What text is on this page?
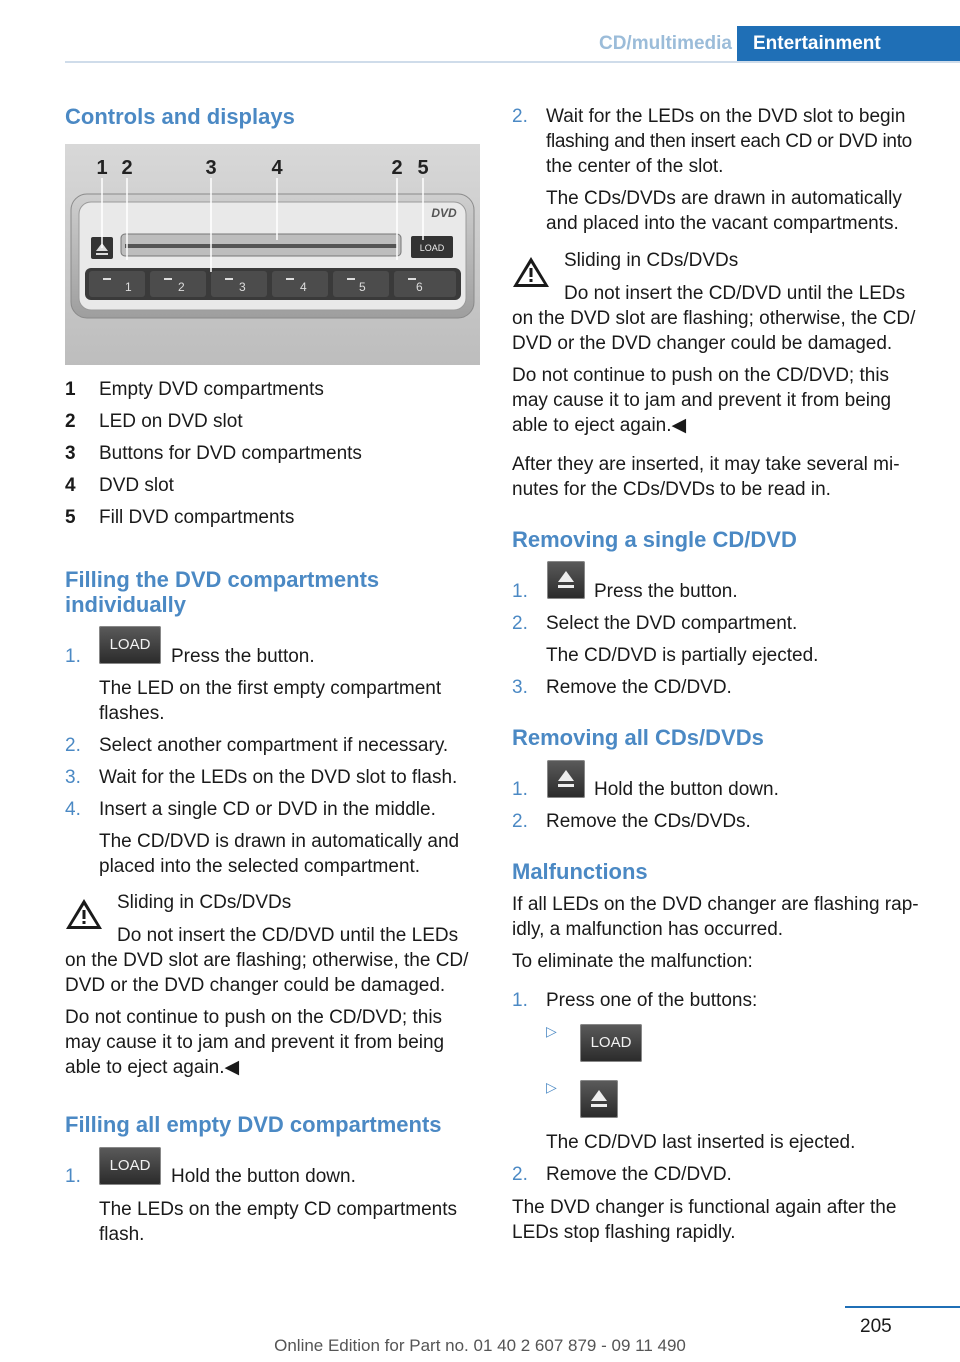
CD/multimedia	Entertainment
Controls and displays
LOAD
DVD
1	2	3	4	5	6
1 2	3	4	2 5
1 Empty DVD compartments
2 LED on DVD slot
3 Buttons for DVD compartments
4 DVD slot
5 Fill DVD compartments
Filling the DVD compartments
individually
1.
LOAD
Press the button.
The LED on the first empty compartment
flashes.
2. Select another compartment if necessary.
3. Wait for the LEDs on the DVD slot to flash.
4. Insert a single CD or DVD in the middle.
The CD/DVD is drawn in automatically and
placed into the selected compartment.
Sliding in CDs/DVDs
Do not insert the CD/DVD until the LEDs
on the DVD slot are flashing; otherwise, the CD/
DVD or the DVD changer could be damaged.
Do not continue to push on the CD/DVD; this
may cause it to jam and prevent it from being
able to eject again.◀
Filling all empty DVD compartments
1.
LOAD
Hold the button down.
The LEDs on the empty CD compartments
flash.
2. Wait for the LEDs on the DVD slot to begin
flashing and then insert each CD or DVD into
the center of the slot.
The CDs/DVDs are drawn in automatically
and placed into the vacant compartments.
Sliding in CDs/DVDs
Do not insert the CD/DVD until the LEDs
on the DVD slot are flashing; otherwise, the CD/
DVD or the DVD changer could be damaged.
Do not continue to push on the CD/DVD; this
may cause it to jam and prevent it from being
able to eject again.◀
After they are inserted, it may take several mi‐
nutes for the CDs/DVDs to be read in.
Removing a single CD/DVD
1.	Press the button.
2. Select the DVD compartment.
The CD/DVD is partially ejected.
3. Remove the CD/DVD.
Removing all CDs/DVDs
1.	Hold the button down.
2. Remove the CDs/DVDs.
Malfunctions
If all LEDs on the DVD changer are flashing rap‐
idly, a malfunction has occurred.
To eliminate the malfunction:
1. Press one of the buttons:
▷
LOAD
▷
The CD/DVD last inserted is ejected.
2. Remove the CD/DVD.
The DVD changer is functional again after the
LEDs stop flashing rapidly.
205
Online Edition for Part no. 01 40 2 607 879 - 09 11 490
